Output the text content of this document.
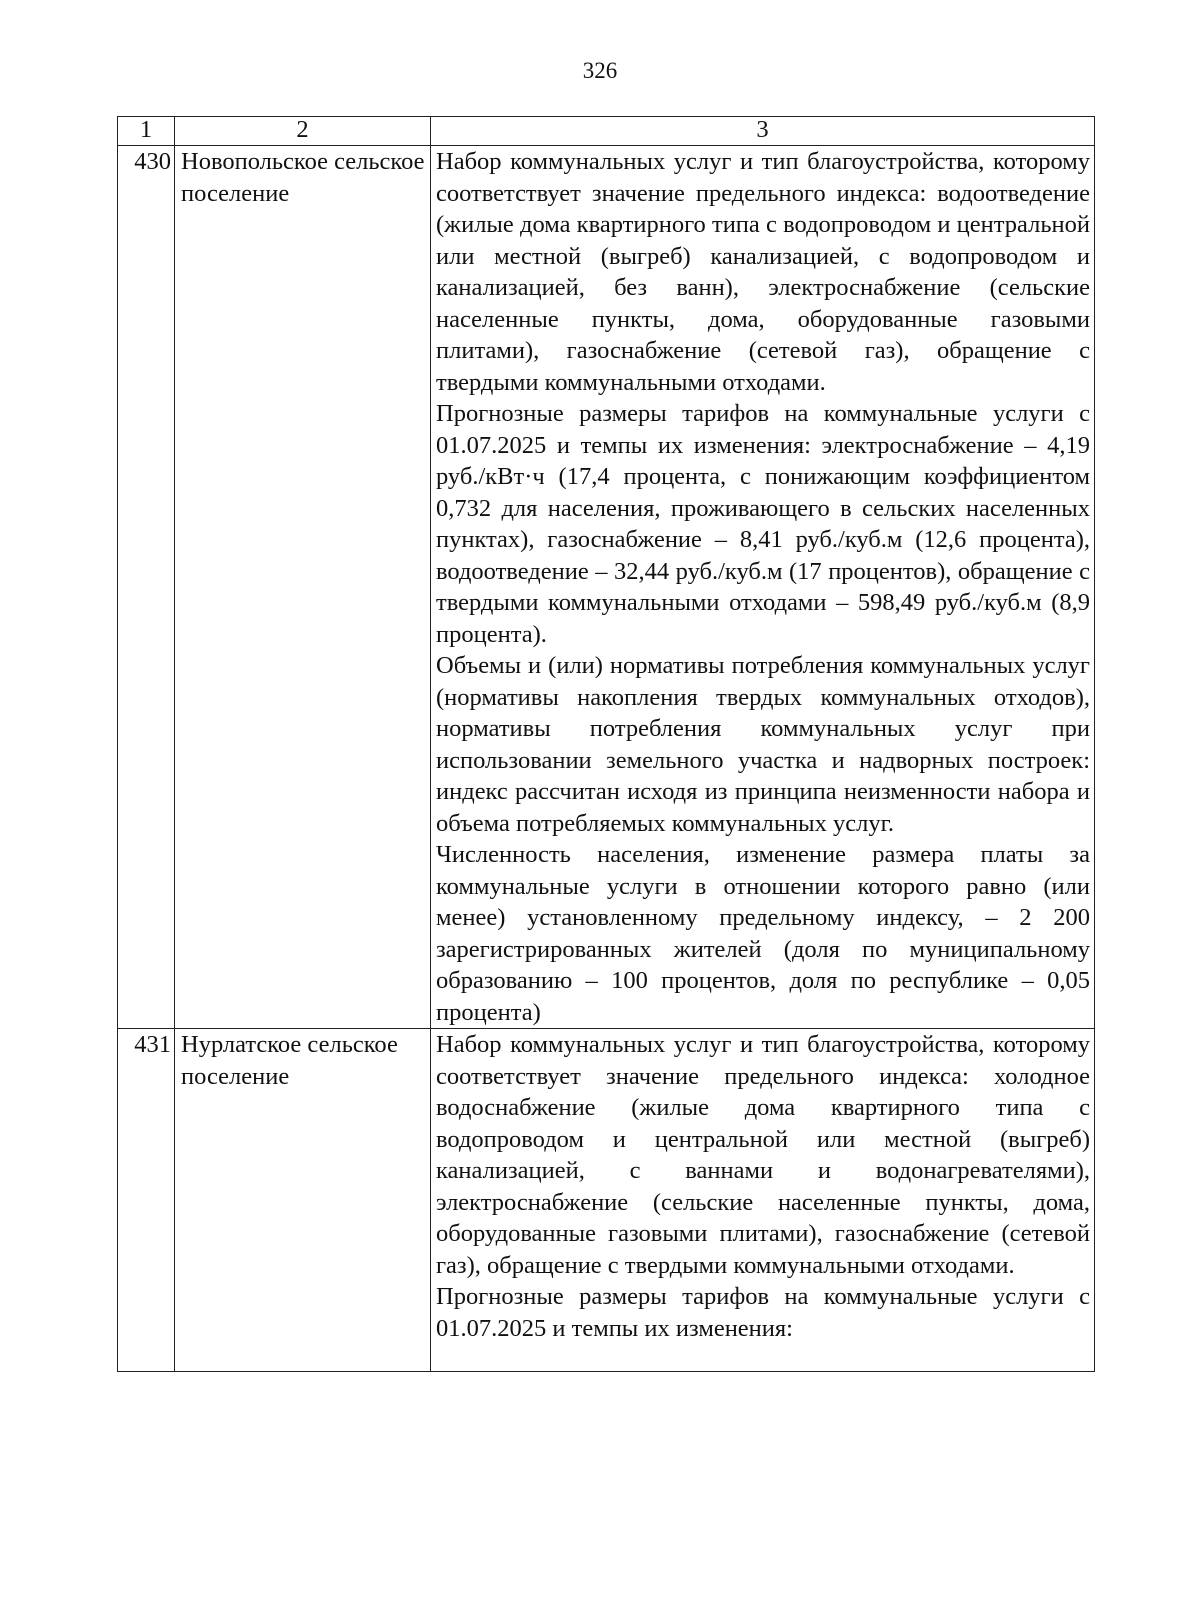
326
1	2	3
430	Новопольское сельское поселение	Набор коммунальных услуг и тип благоустройства, которому соответствует значение предельного индекса: водоотведение (жилые дома квартирного типа с водопроводом и центральной или местной (выгреб) канализацией, с водопроводом и канализацией, без ванн), электроснабжение (сельские населенные пункты, дома, оборудованные газовыми плитами), газоснабжение (сетевой газ), обращение с твердыми коммунальными отходами.

Прогнозные размеры тарифов на коммунальные услуги с 01.07.2025 и темпы их изменения: электроснабжение – 4,19 руб./кВт·ч (17,4 процента, с понижающим коэффициентом 0,732 для населения, проживающего в сельских населенных пунктах), газоснабжение – 8,41 руб./куб.м (12,6 процента), водоотведение – 32,44 руб./куб.м (17 процентов), обращение с твердыми коммунальными отходами – 598,49 руб./куб.м (8,9 процента).

Объемы и (или) нормативы потребления коммунальных услуг (нормативы накопления твердых коммунальных отходов), нормативы потребления коммунальных услуг при использовании земельного участка и надворных построек: индекс рассчитан исходя из принципа неизменности набора и объема потребляемых коммунальных услуг.

Численность населения, изменение размера платы за коммунальные услуги в отношении которого равно (или менее) установленному предельному индексу, – 2 200 зарегистрированных жителей (доля по муниципальному образованию – 100 процентов, доля по республике – 0,05 процента)

431	Нурлатское сельское поселение	Набор коммунальных услуг и тип благоустройства, которому соответствует значение предельного индекса: холодное водоснабжение (жилые дома квартирного типа с водопроводом и центральной или местной (выгреб) канализацией, с ваннами и водонагревателями), электроснабжение (сельские населенные пункты, дома, оборудованные газовыми плитами), газоснабжение (сетевой газ), обращение с твердыми коммунальными отходами.

Прогнозные размеры тарифов на коммунальные услуги с 01.07.2025 и темпы их изменения:
